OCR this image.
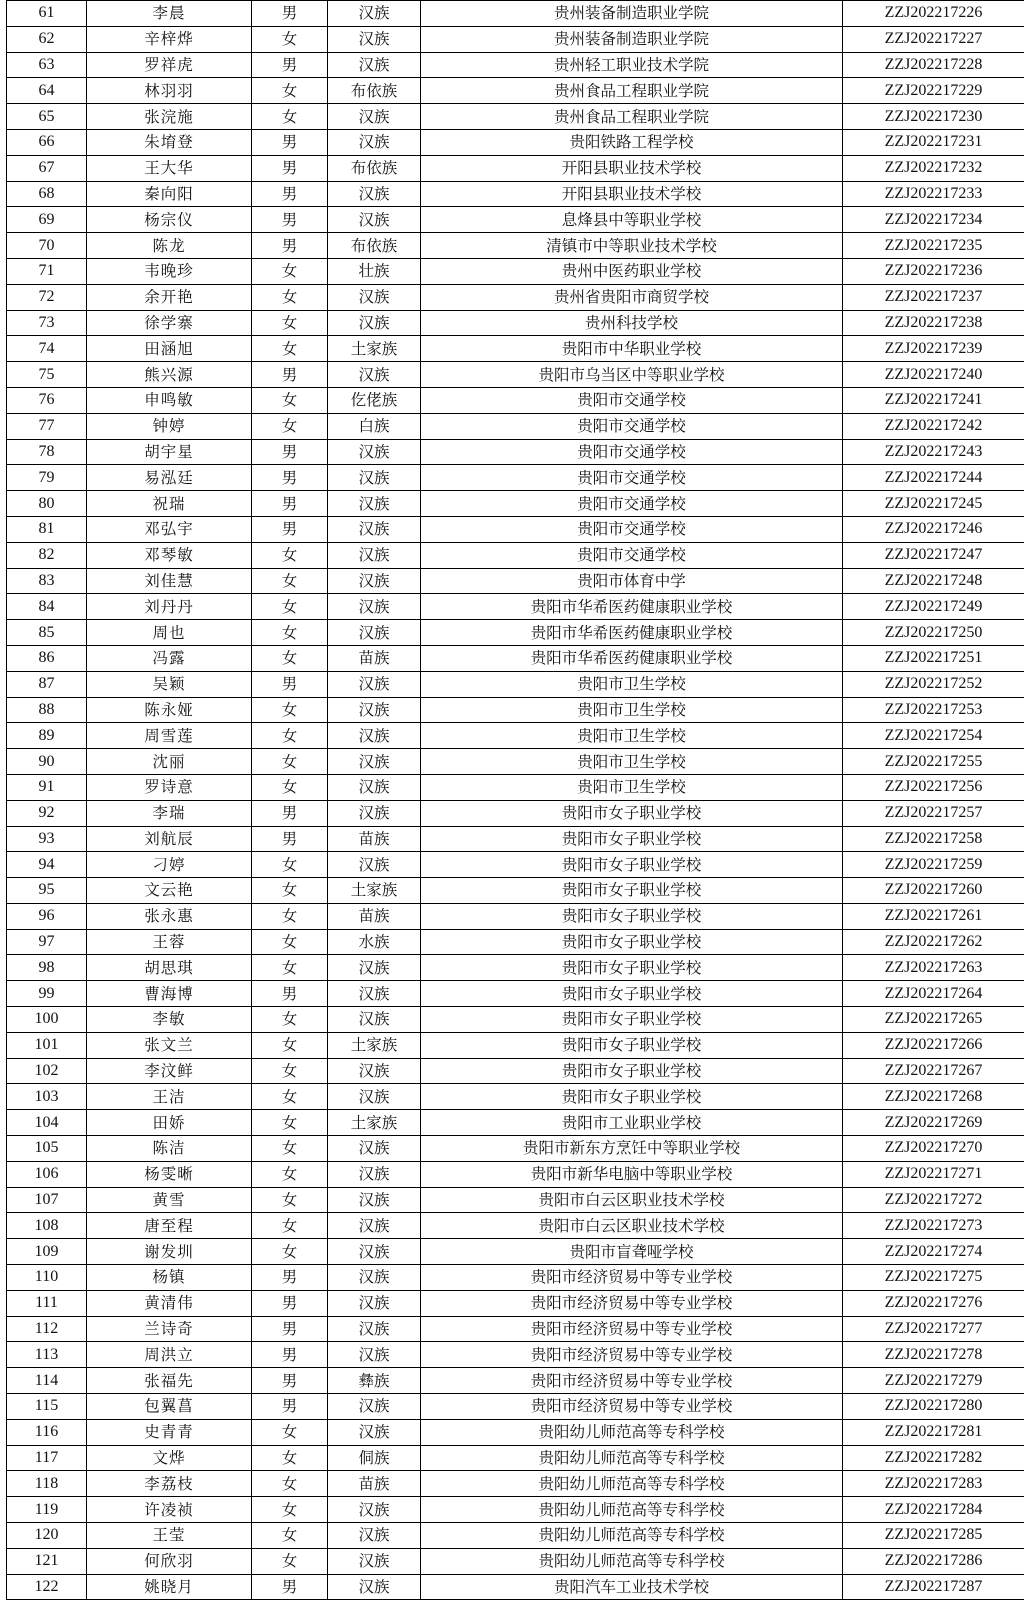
61	李晨	男	汉族	贵州装备制造职业学院	ZZJ202217226
62	辛梓烨	女	汉族	贵州装备制造职业学院	ZZJ202217227
63	罗祥虎	男	汉族	贵州轻工职业技术学院	ZZJ202217228
64	林羽羽	女	布依族	贵州食品工程职业学院	ZZJ202217229
65	张浣施	女	汉族	贵州食品工程职业学院	ZZJ202217230
66	朱堉登	男	汉族	贵阳铁路工程学校	ZZJ202217231
67	王大华	男	布依族	开阳县职业技术学校	ZZJ202217232
68	秦向阳	男	汉族	开阳县职业技术学校	ZZJ202217233
69	杨宗仪	男	汉族	息烽县中等职业学校	ZZJ202217234
70	陈龙	男	布依族	清镇市中等职业技术学校	ZZJ202217235
71	韦晚珍	女	壮族	贵州中医药职业学校	ZZJ202217236
72	余开艳	女	汉族	贵州省贵阳市商贸学校	ZZJ202217237
73	徐学寨	女	汉族	贵州科技学校	ZZJ202217238
74	田涵旭	女	土家族	贵阳市中华职业学校	ZZJ202217239
75	熊兴源	男	汉族	贵阳市乌当区中等职业学校	ZZJ202217240
76	申鸣敏	女	仡佬族	贵阳市交通学校	ZZJ202217241
77	钟婷	女	白族	贵阳市交通学校	ZZJ202217242
78	胡宇星	男	汉族	贵阳市交通学校	ZZJ202217243
79	易泓廷	男	汉族	贵阳市交通学校	ZZJ202217244
80	祝瑞	男	汉族	贵阳市交通学校	ZZJ202217245
81	邓弘宇	男	汉族	贵阳市交通学校	ZZJ202217246
82	邓琴敏	女	汉族	贵阳市交通学校	ZZJ202217247
83	刘佳慧	女	汉族	贵阳市体育中学	ZZJ202217248
84	刘丹丹	女	汉族	贵阳市华希医药健康职业学校	ZZJ202217249
85	周也	女	汉族	贵阳市华希医药健康职业学校	ZZJ202217250
86	冯露	女	苗族	贵阳市华希医药健康职业学校	ZZJ202217251
87	吴颖	男	汉族	贵阳市卫生学校	ZZJ202217252
88	陈永娅	女	汉族	贵阳市卫生学校	ZZJ202217253
89	周雪莲	女	汉族	贵阳市卫生学校	ZZJ202217254
90	沈丽	女	汉族	贵阳市卫生学校	ZZJ202217255
91	罗诗意	女	汉族	贵阳市卫生学校	ZZJ202217256
92	李瑞	男	汉族	贵阳市女子职业学校	ZZJ202217257
93	刘航辰	男	苗族	贵阳市女子职业学校	ZZJ202217258
94	刁婷	女	汉族	贵阳市女子职业学校	ZZJ202217259
95	文云艳	女	土家族	贵阳市女子职业学校	ZZJ202217260
96	张永惠	女	苗族	贵阳市女子职业学校	ZZJ202217261
97	王蓉	女	水族	贵阳市女子职业学校	ZZJ202217262
98	胡思琪	女	汉族	贵阳市女子职业学校	ZZJ202217263
99	曹海博	男	汉族	贵阳市女子职业学校	ZZJ202217264
100	李敏	女	汉族	贵阳市女子职业学校	ZZJ202217265
101	张文兰	女	土家族	贵阳市女子职业学校	ZZJ202217266
102	李汶鲜	女	汉族	贵阳市女子职业学校	ZZJ202217267
103	王洁	女	汉族	贵阳市女子职业学校	ZZJ202217268
104	田娇	女	土家族	贵阳市工业职业学校	ZZJ202217269
105	陈洁	女	汉族	贵阳市新东方烹饪中等职业学校	ZZJ202217270
106	杨雯晰	女	汉族	贵阳市新华电脑中等职业学校	ZZJ202217271
107	黄雪	女	汉族	贵阳市白云区职业技术学校	ZZJ202217272
108	唐至程	女	汉族	贵阳市白云区职业技术学校	ZZJ202217273
109	谢发圳	女	汉族	贵阳市盲聋哑学校	ZZJ202217274
110	杨镇	男	汉族	贵阳市经济贸易中等专业学校	ZZJ202217275
111	黄清伟	男	汉族	贵阳市经济贸易中等专业学校	ZZJ202217276
112	兰诗奇	男	汉族	贵阳市经济贸易中等专业学校	ZZJ202217277
113	周洪立	男	汉族	贵阳市经济贸易中等专业学校	ZZJ202217278
114	张福先	男	彝族	贵阳市经济贸易中等专业学校	ZZJ202217279
115	包翼菖	男	汉族	贵阳市经济贸易中等专业学校	ZZJ202217280
116	史青青	女	汉族	贵阳幼儿师范高等专科学校	ZZJ202217281
117	文烨	女	侗族	贵阳幼儿师范高等专科学校	ZZJ202217282
118	李荔枝	女	苗族	贵阳幼儿师范高等专科学校	ZZJ202217283
119	许凌祯	女	汉族	贵阳幼儿师范高等专科学校	ZZJ202217284
120	王莹	女	汉族	贵阳幼儿师范高等专科学校	ZZJ202217285
121	何欣羽	女	汉族	贵阳幼儿师范高等专科学校	ZZJ202217286
122	姚晓月	男	汉族	贵阳汽车工业技术学校	ZZJ202217287
